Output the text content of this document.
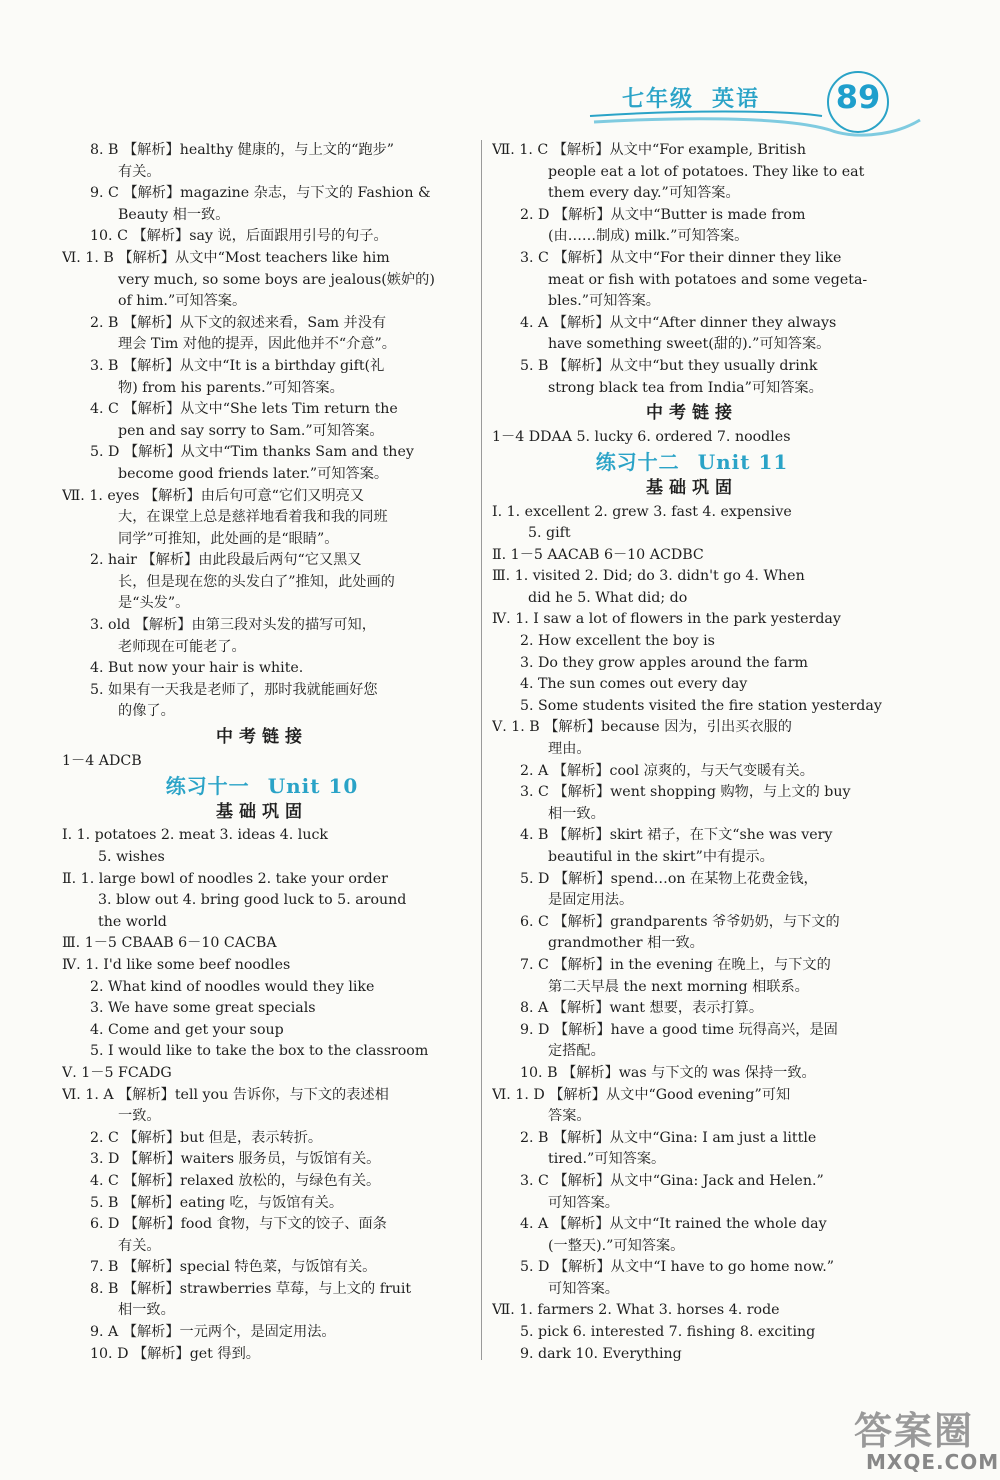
七年级 英语	89
8. B 【解析】healthy 健康的，与上文的“跑步”
有关。
9. C 【解析】magazine 杂志，与下文的 Fashion &
Beauty 相一致。
10. C 【解析】say 说，后面跟用引号的句子。
Ⅵ. 1. B 【解析】从文中“Most teachers like him
very much, so some boys are jealous(嫉妒的)
of him.”可知答案。
2. B 【解析】从下文的叙述来看，Sam 并没有
理会 Tim 对他的提弄，因此他并不“介意”。
3. B 【解析】从文中“It is a birthday gift(礼
物) from his parents.”可知答案。
4. C 【解析】从文中“She lets Tim return the
pen and say sorry to Sam.”可知答案。
5. D 【解析】从文中“Tim thanks Sam and they
become good friends later.”可知答案。
Ⅶ. 1. eyes 【解析】由后句可意“它们又明亮又
大，在课堂上总是慈祥地看着我和我的同班
同学”可推知，此处画的是“眼睛”。
2. hair 【解析】由此段最后两句“它又黑又
长，但是现在您的头发白了”推知，此处画的
是“头发”。
3. old 【解析】由第三段对头发的描写可知，
老师现在可能老了。
4. But now your hair is white.
5. 如果有一天我是老师了，那时我就能画好您
的像了。
中考链接
1－4 ADCB
练习十一 Unit 10
基础巩固
Ⅰ. 1. potatoes 2. meat 3. ideas 4. luck
5. wishes
Ⅱ. 1. large bowl of noodles 2. take your order
3. blow out 4. bring good luck to 5. around
the world
Ⅲ. 1－5 CBAAB 6－10 CACBA
Ⅳ. 1. I'd like some beef noodles
2. What kind of noodles would they like
3. We have some great specials
4. Come and get your soup
5. I would like to take the box to the classroom
Ⅴ. 1－5 FCADG
Ⅵ. 1. A 【解析】tell you 告诉你，与下文的表述相
一致。
2. C 【解析】but 但是，表示转折。
3. D 【解析】waiters 服务员，与饭馆有关。
4. C 【解析】relaxed 放松的，与绿色有关。
5. B 【解析】eating 吃，与饭馆有关。
6. D 【解析】food 食物，与下文的饺子、面条
有关。
7. B 【解析】special 特色菜，与饭馆有关。
8. B 【解析】strawberries 草莓，与上文的 fruit
相一致。
9. A 【解析】一元两个，是固定用法。
10. D 【解析】get 得到。
Ⅶ. 1. C 【解析】从文中“For example, British
people eat a lot of potatoes. They like to eat
them every day.”可知答案。
2. D 【解析】从文中“Butter is made from
(由……制成) milk.”可知答案。
3. C 【解析】从文中“For their dinner they like
meat or fish with potatoes and some vegeta-
bles.”可知答案。
4. A 【解析】从文中“After dinner they always
have something sweet(甜的).”可知答案。
5. B 【解析】从文中“but they usually drink
strong black tea from India”可知答案。
中考链接
1－4 DDAA 5. lucky 6. ordered 7. noodles
练习十二 Unit 11
基础巩固
Ⅰ. 1. excellent 2. grew 3. fast 4. expensive
5. gift
Ⅱ. 1－5 AACAB 6－10 ACDBC
Ⅲ. 1. visited 2. Did; do 3. didn't go 4. When
did he 5. What did; do
Ⅳ. 1. I saw a lot of flowers in the park yesterday
2. How excellent the boy is
3. Do they grow apples around the farm
4. The sun comes out every day
5. Some students visited the fire station yesterday
Ⅴ. 1. B 【解析】because 因为，引出买衣服的
理由。
2. A 【解析】cool 凉爽的，与天气变暖有关。
3. C 【解析】went shopping 购物，与上文的 buy
相一致。
4. B 【解析】skirt 裙子，在下文“she was very
beautiful in the skirt”中有提示。
5. D 【解析】spend…on 在某物上花费金钱，
是固定用法。
6. C 【解析】grandparents 爷爷奶奶，与下文的
grandmother 相一致。
7. C 【解析】in the evening 在晚上，与下文的
第二天早晨 the next morning 相联系。
8. A 【解析】want 想要，表示打算。
9. D 【解析】have a good time 玩得高兴，是固
定搭配。
10. B 【解析】was 与下文的 was 保持一致。
Ⅵ. 1. D 【解析】从文中“Good evening”可知
答案。
2. B 【解析】从文中“Gina: I am just a little
tired.”可知答案。
3. C 【解析】从文中“Gina: Jack and Helen.”
可知答案。
4. A 【解析】从文中“It rained the whole day
(一整天).”可知答案。
5. D 【解析】从文中“I have to go home now.”
可知答案。
Ⅶ. 1. farmers 2. What 3. horses 4. rode
5. pick 6. interested 7. fishing 8. exciting
9. dark 10. Everything
答案圈
MXQE.COM
